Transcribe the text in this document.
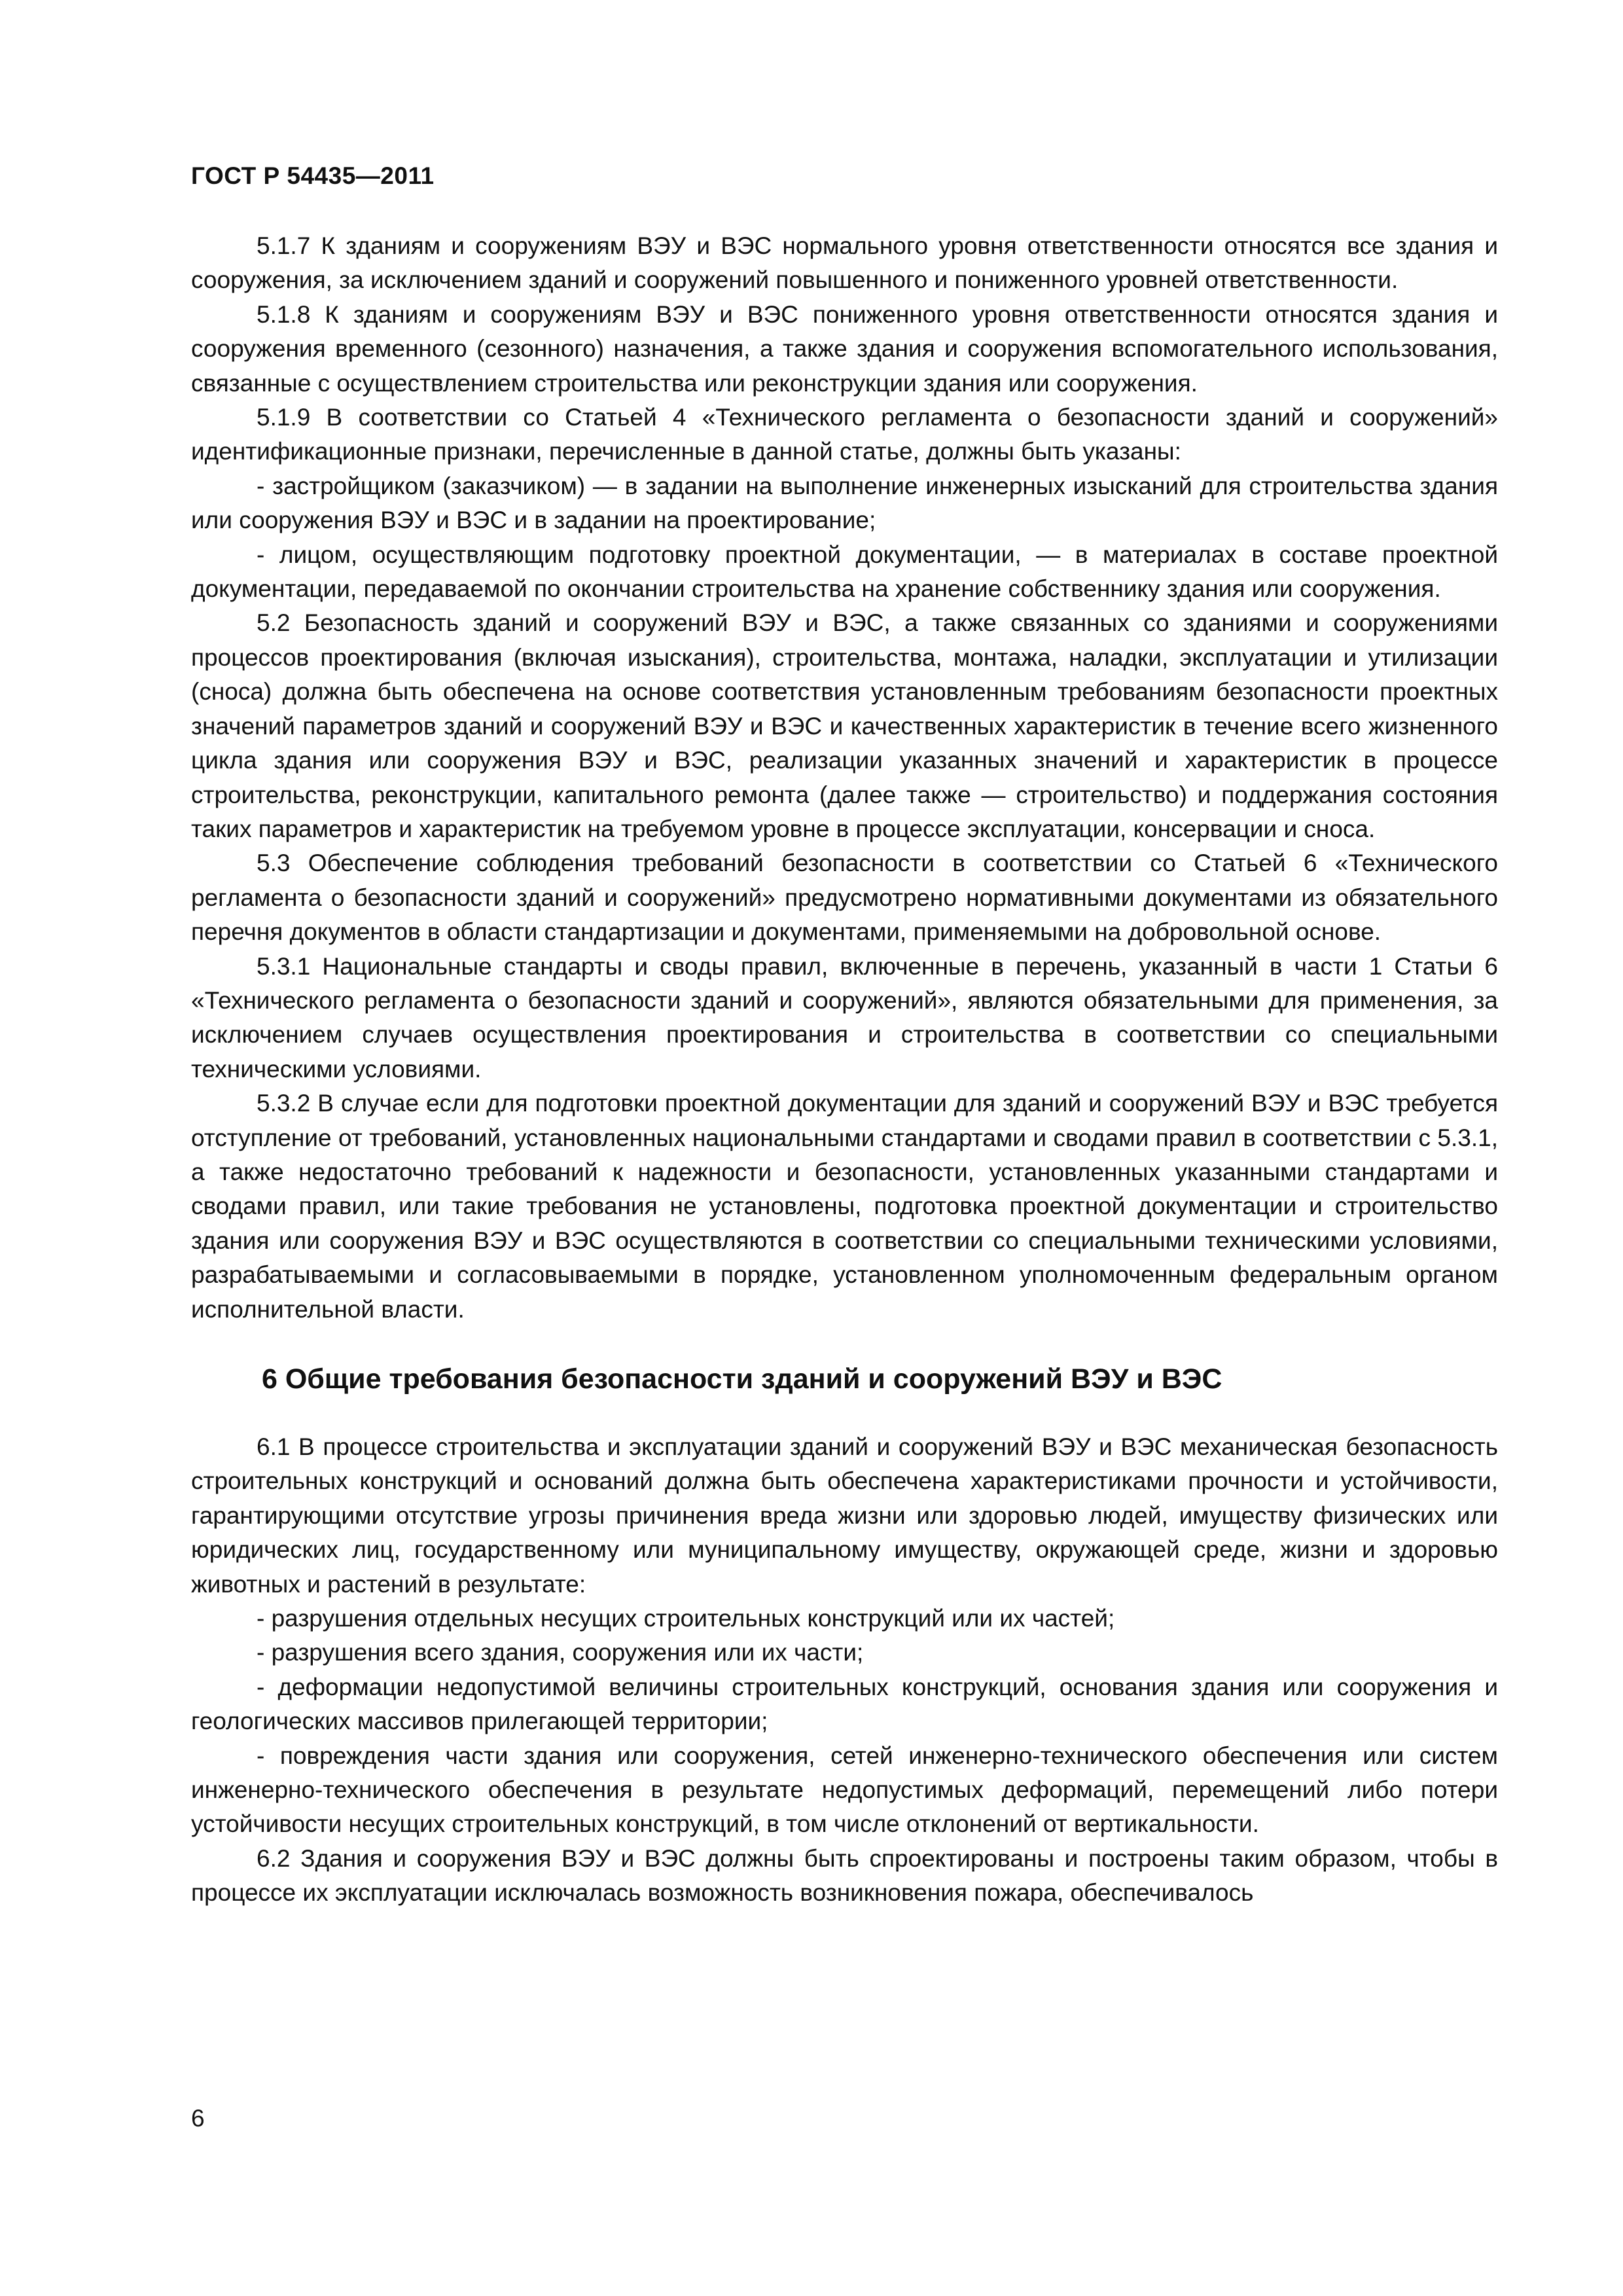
ГОСТ Р 54435—2011

5.1.7 К зданиям и сооружениям ВЭУ и ВЭС нормального уровня ответственности относятся все здания и сооружения, за исключением зданий и сооружений повышенного и пониженного уровней ответственности.

5.1.8 К зданиям и сооружениям ВЭУ и ВЭС пониженного уровня ответственности относятся здания и сооружения временного (сезонного) назначения, а также здания и сооружения вспомогательного использования, связанные с осуществлением строительства или реконструкции здания или сооружения.

5.1.9 В соответствии со Статьей 4 «Технического регламента о безопасности зданий и сооружений» идентификационные признаки, перечисленные в данной статье, должны быть указаны:

- застройщиком (заказчиком) — в задании на выполнение инженерных изысканий для строительства здания или сооружения ВЭУ и ВЭС и в задании на проектирование;

- лицом, осуществляющим подготовку проектной документации, — в материалах в составе проектной документации, передаваемой по окончании строительства на хранение собственнику здания или сооружения.

5.2 Безопасность зданий и сооружений ВЭУ и ВЭС, а также связанных со зданиями и сооружениями процессов проектирования (включая изыскания), строительства, монтажа, наладки, эксплуатации и утилизации (сноса) должна быть обеспечена на основе соответствия установленным требованиям безопасности проектных значений параметров зданий и сооружений ВЭУ и ВЭС и качественных характеристик в течение всего жизненного цикла здания или сооружения ВЭУ и ВЭС, реализации указанных значений и характеристик в процессе строительства, реконструкции, капитального ремонта (далее также — строительство) и поддержания состояния таких параметров и характеристик на требуемом уровне в процессе эксплуатации, консервации и сноса.

5.3 Обеспечение соблюдения требований безопасности в соответствии со Статьей 6 «Технического регламента о безопасности зданий и сооружений» предусмотрено нормативными документами из обязательного перечня документов в области стандартизации и документами, применяемыми на добровольной основе.

5.3.1 Национальные стандарты и своды правил, включенные в перечень, указанный в части 1 Статьи 6 «Технического регламента о безопасности зданий и сооружений», являются обязательными для применения, за исключением случаев осуществления проектирования и строительства в соответствии со специальными техническими условиями.

5.3.2 В случае если для подготовки проектной документации для зданий и сооружений ВЭУ и ВЭС требуется отступление от требований, установленных национальными стандартами и сводами правил в соответствии с 5.3.1, а также недостаточно требований к надежности и безопасности, установленных указанными стандартами и сводами правил, или такие требования не установлены, подготовка проектной документации и строительство здания или сооружения ВЭУ и ВЭС осуществляются в соответствии со специальными техническими условиями, разрабатываемыми и согласовываемыми в порядке, установленном уполномоченным федеральным органом исполнительной власти.

6 Общие требования безопасности зданий и сооружений ВЭУ и ВЭС

6.1 В процессе строительства и эксплуатации зданий и сооружений ВЭУ и ВЭС механическая безопасность строительных конструкций и оснований должна быть обеспечена характеристиками прочности и устойчивости, гарантирующими отсутствие угрозы причинения вреда жизни или здоровью людей, имуществу физических или юридических лиц, государственному или муниципальному имуществу, окружающей среде, жизни и здоровью животных и растений в результате:

- разрушения отдельных несущих строительных конструкций или их частей;

- разрушения всего здания, сооружения или их части;

- деформации недопустимой величины строительных конструкций, основания здания или сооружения и геологических массивов прилегающей территории;

- повреждения части здания или сооружения, сетей инженерно-технического обеспечения или систем инженерно-технического обеспечения в результате недопустимых деформаций, перемещений либо потери устойчивости несущих строительных конструкций, в том числе отклонений от вертикальности.

6.2 Здания и сооружения ВЭУ и ВЭС должны быть спроектированы и построены таким образом, чтобы в процессе их эксплуатации исключалась возможность возникновения пожара, обеспечивалось

6
